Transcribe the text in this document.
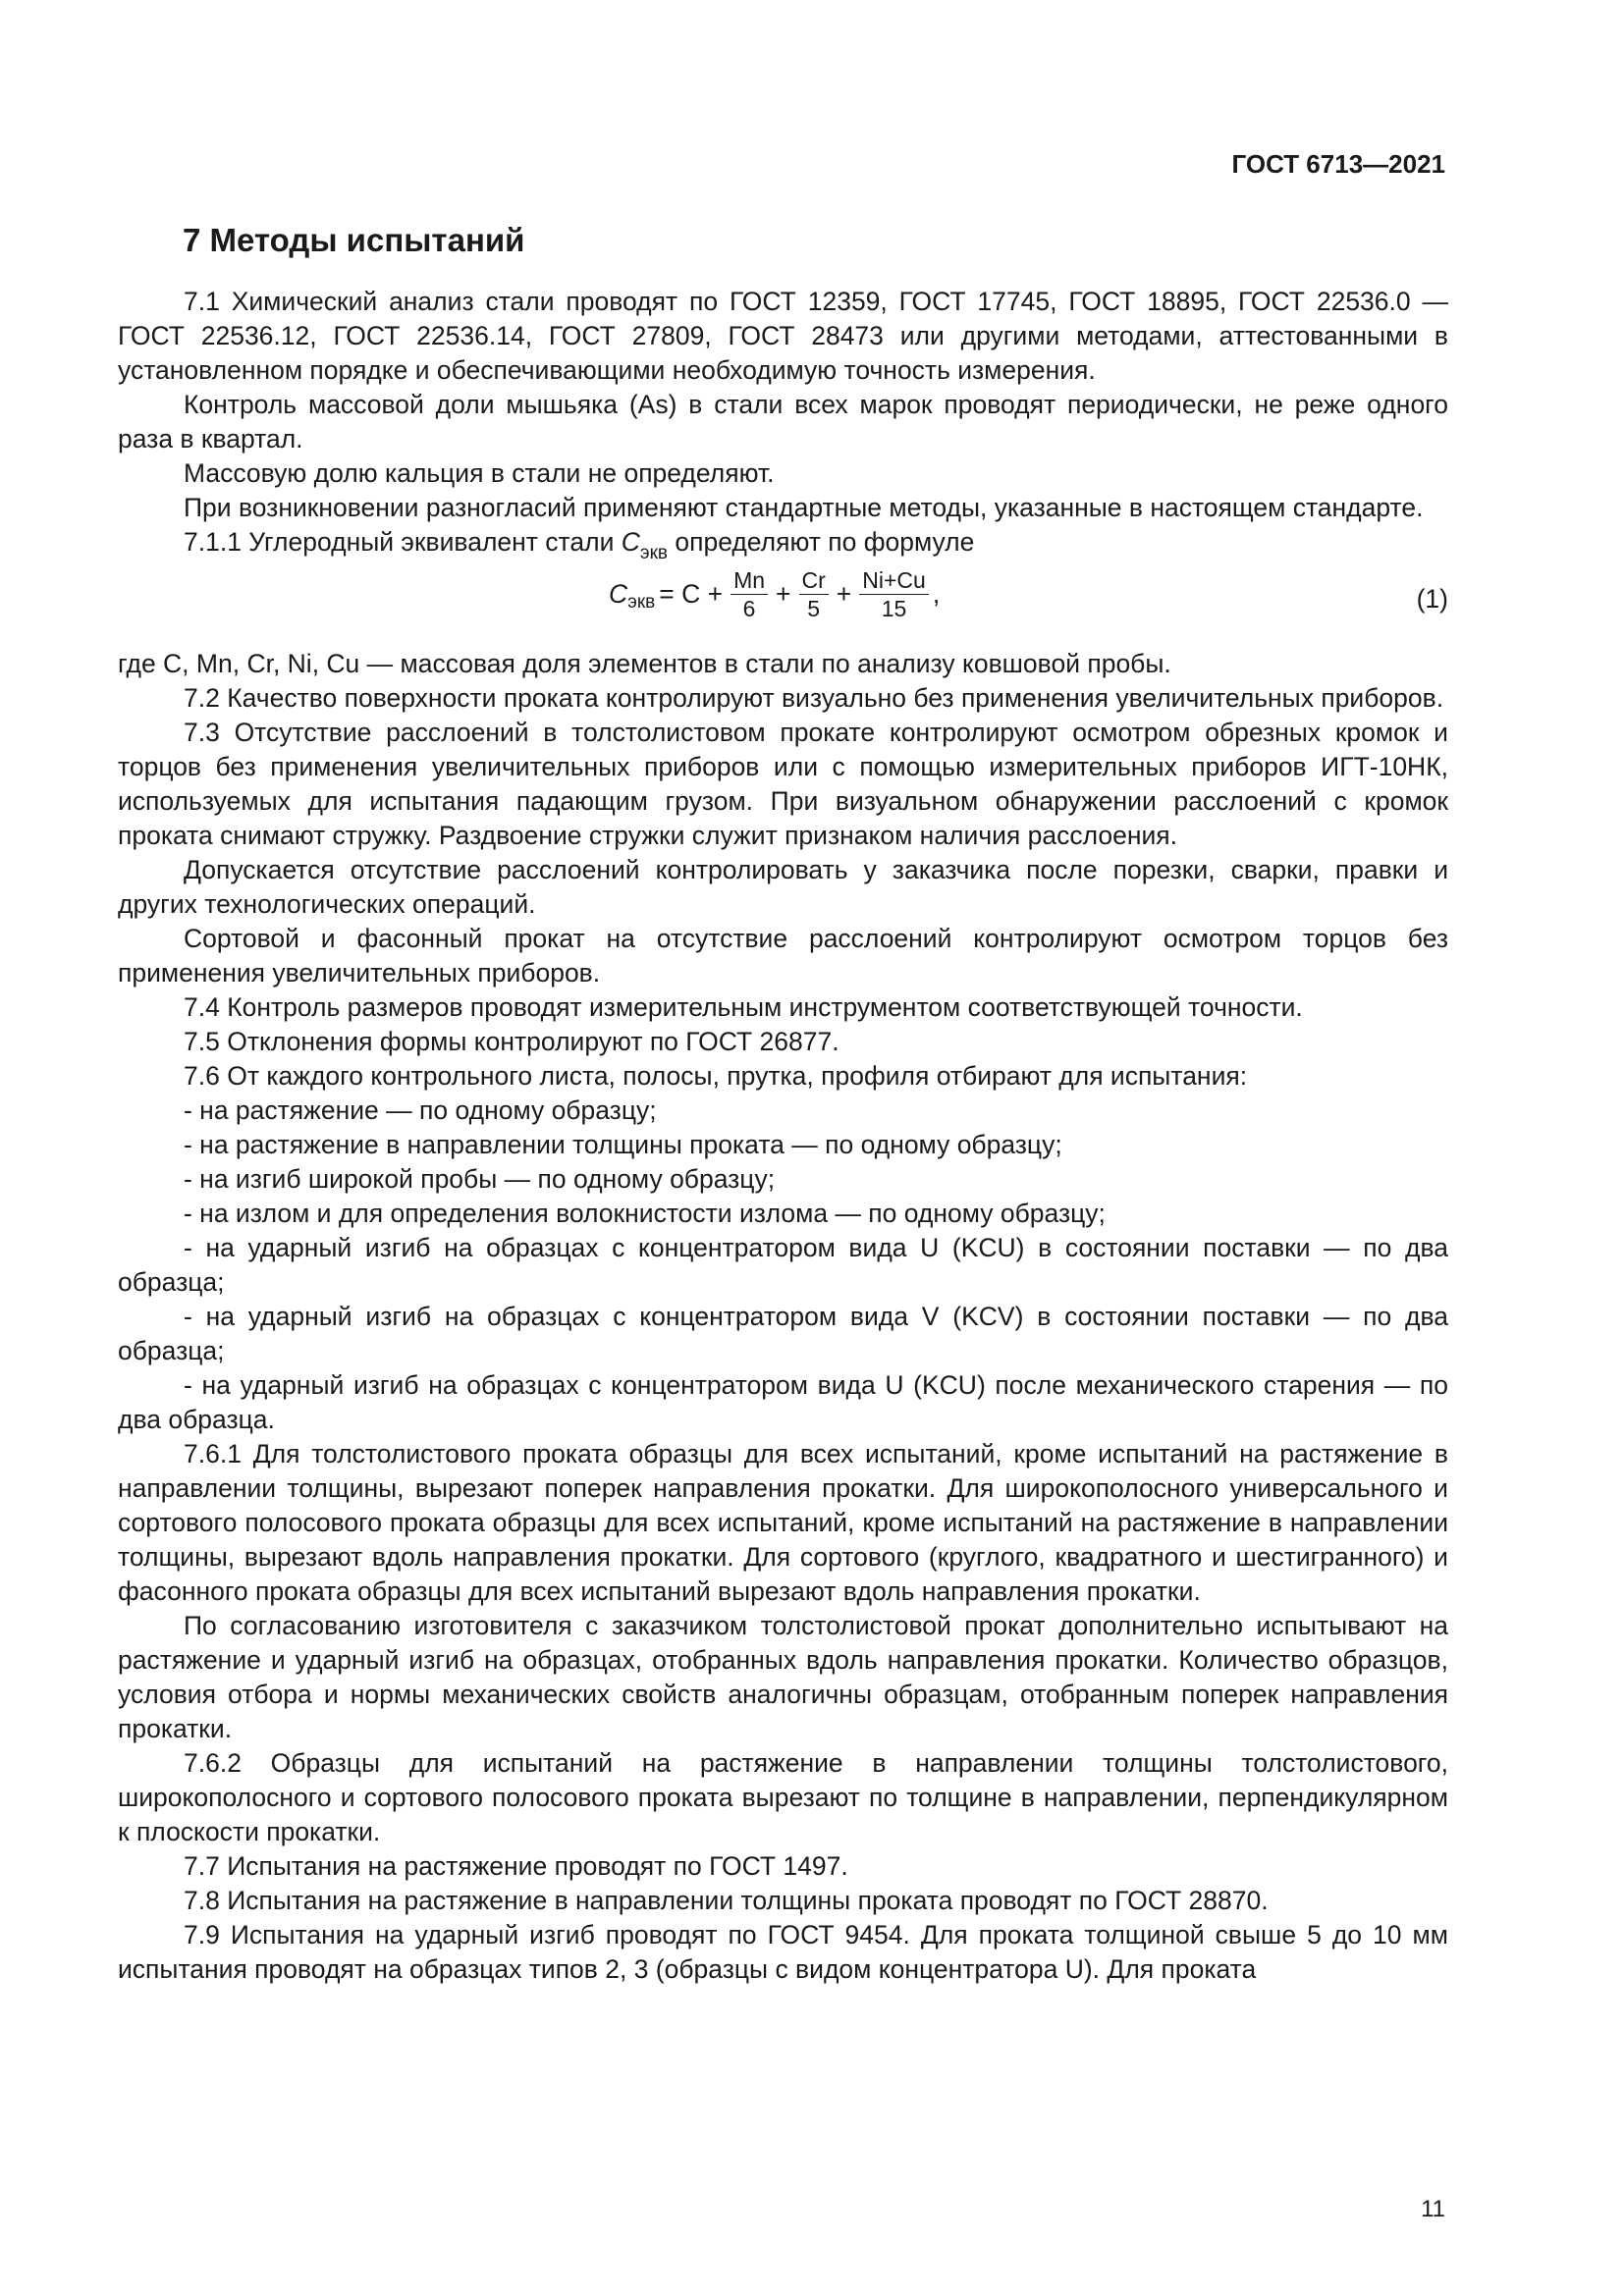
ГОСТ 6713—2021
7 Методы испытаний

7.1 Химический анализ стали проводят по ГОСТ 12359, ГОСТ 17745, ГОСТ 18895, ГОСТ 22536.0 — ГОСТ 22536.12, ГОСТ 22536.14, ГОСТ 27809, ГОСТ 28473 или другими методами, аттестованными в установленном порядке и обеспечивающими необходимую точность измерения.

Контроль массовой доли мышьяка (As) в стали всех марок проводят периодически, не реже одного раза в квартал.

Массовую долю кальция в стали не определяют.

При возникновении разногласий применяют стандартные методы, указанные в настоящем стандарте.

7.1.1 Углеродный эквивалент стали $C_{экв}$ определяют по формуле

C экв = $C + \frac{Mn}{6} + \frac{Cr}{5} + \frac{Ni+Cu}{15}$ ,	(1)

где C, Mn, Cr, Ni, Cu — массовая доля элементов в стали по анализу ковшовой пробы.

7.2 Качество поверхности проката контролируют визуально без применения увеличительных приборов.

7.3 Отсутствие расслоений в толстолистовом прокате контролируют осмотром обрезных кромок и торцов без применения увеличительных приборов или с помощью измерительных приборов ИГТ-10НК, используемых для испытания падающим грузом. При визуальном обнаружении расслоений с кромок проката снимают стружку. Раздвоение стружки служит признаком наличия расслоения.

Допускается отсутствие расслоений контролировать у заказчика после порезки, сварки, правки и других технологических операций.

Сортовой и фасонный прокат на отсутствие расслоений контролируют осмотром торцов без применения увеличительных приборов.

7.4 Контроль размеров проводят измерительным инструментом соответствующей точности.

7.5 Отклонения формы контролируют по ГОСТ 26877.

7.6 От каждого контрольного листа, полосы, прутка, профиля отбирают для испытания:

- на растяжение — по одному образцу;

- на растяжение в направлении толщины проката — по одному образцу;

- на изгиб широкой пробы — по одному образцу;

- на излом и для определения волокнистости излома — по одному образцу;

- на ударный изгиб на образцах с концентратором вида U (KCU) в состоянии поставки — по два образца;

- на ударный изгиб на образцах с концентратором вида V (KCV) в состоянии поставки — по два образца;

- на ударный изгиб на образцах с концентратором вида U (KCU) после механического старения — по два образца.

7.6.1 Для толстолистового проката образцы для всех испытаний, кроме испытаний на растяжение в направлении толщины, вырезают поперек направления прокатки. Для широкополосного универсального и сортового полосового проката образцы для всех испытаний, кроме испытаний на растяжение в направлении толщины, вырезают вдоль направления прокатки. Для сортового (круглого, квадратного и шестигранного) и фасонного проката образцы для всех испытаний вырезают вдоль направления прокатки.

По согласованию изготовителя с заказчиком толстолистовой прокат дополнительно испытывают на растяжение и ударный изгиб на образцах, отобранных вдоль направления прокатки. Количество образцов, условия отбора и нормы механических свойств аналогичны образцам, отобранным поперек направления прокатки.

7.6.2 Образцы для испытаний на растяжение в направлении толщины толстолистового, широкополосного и сортового полосового проката вырезают по толщине в направлении, перпендикулярном к плоскости прокатки.

7.7 Испытания на растяжение проводят по ГОСТ 1497.

7.8 Испытания на растяжение в направлении толщины проката проводят по ГОСТ 28870.

7.9 Испытания на ударный изгиб проводят по ГОСТ 9454. Для проката толщиной свыше 5 до 10 мм испытания проводят на образцах типов 2, 3 (образцы с видом концентратора U). Для проката

11
